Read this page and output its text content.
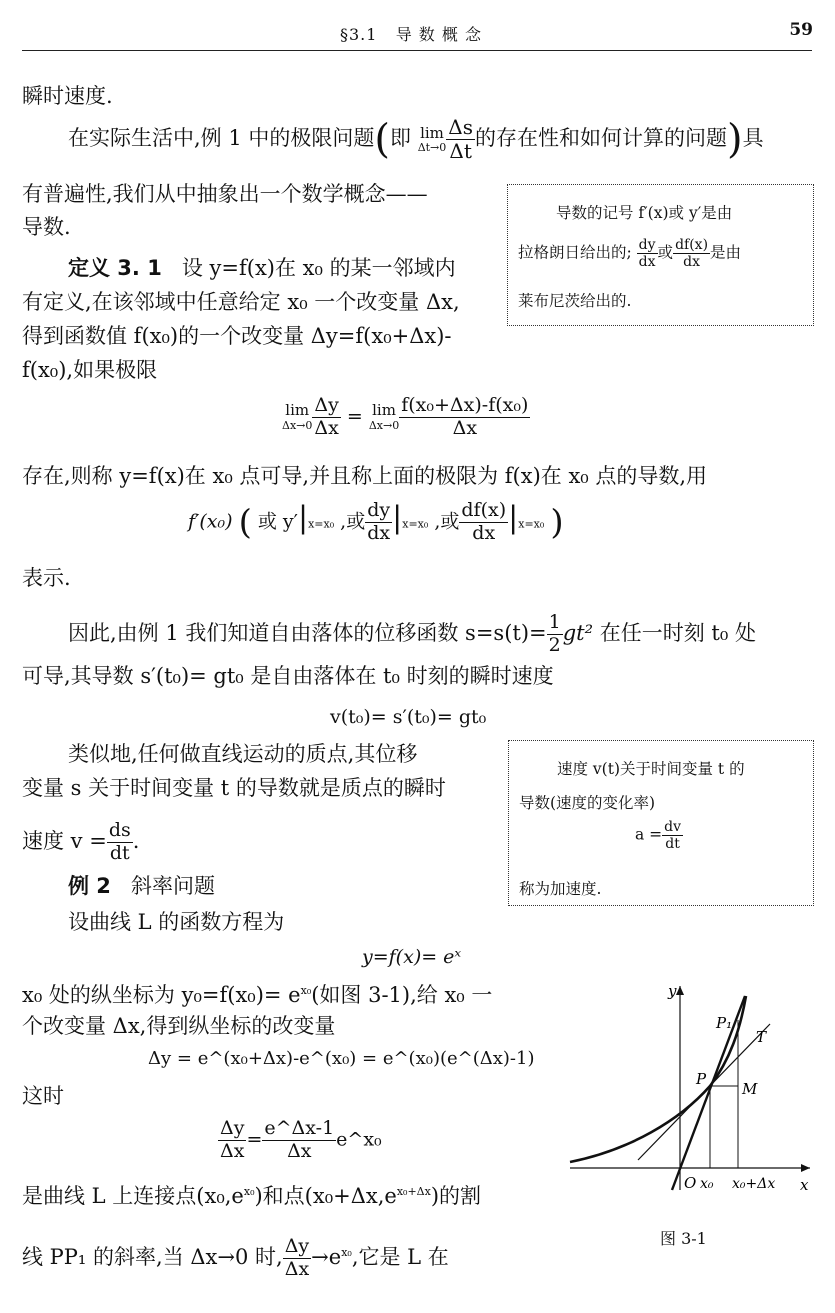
§3.1 导 数 概 念	59
瞬时速度.
在实际生活中,例 1 中的极限问题(即 lim
$\Delta t\to 0 \frac{\Delta s}{\Delta t}$ 的存在性和如何计算的问题)具
有普遍性,我们从中抽象出一个数学概念——
导数.
导数的记号 f′(x)或 y′是由
拉格朗日给出的; $\frac{dy}{dx}$ 或 $\frac{df(x)}{dx}$ 是由
莱布尼茨给出的.
定义 3. 1 设 y=f(x)在 x₀ 的某一邻域内
有定义,在该邻域中任意给定 x₀ 一个改变量 Δx,
得到函数值 f(x₀)的一个改变量 Δy=f(x₀+Δx)-
f(x₀),如果极限
lim
$\Delta x\to 0 \frac{\Delta y}{\Delta x} = \lim$
$\Delta x\to 0 \frac{\text{f(x₀+Δx)-f(x₀)}}{\Delta x}$
存在,则称 y=f(x)在 x₀ 点可导,并且称上面的极限为 f(x)在 x₀ 点的导数,用
f′(x₀) ( 或 y′|x=x₀ ,或 $\frac{dy}{dx} |x=x_0$ ,或 $\frac{df(x)}{dx} |x=x_0$ )
表示.
因此,由例 1 我们知道自由落体的位移函数 $s=s(t)= \frac{1}{2} gt^2$ 在任一时刻 t₀ 处
可导,其导数 s′(t₀)= gt₀ 是自由落体在 t₀ 时刻的瞬时速度
v(t₀)= s′(t₀)= gt₀
类似地,任何做直线运动的质点,其位移
变量 s 关于时间变量 t 的导数就是质点的瞬时
速度 $v = \frac{ds}{dt}$ .
速度 v(t)关于时间变量 t 的
导数(速度的变化率)
$a = \frac{dv}{dt}$
称为加速度.
例 2 斜率问题
设曲线 L 的函数方程为
y=f(x)= eˣ
x₀ 处的纵坐标为 $y_0=f(x_0)= e^{x_0}$(如图 3-1),给 x₀ 一
个改变量 Δx,得到纵坐标的改变量
Δy = e^(x₀+Δx)-e^(x₀) = e^(x₀)(e^(Δx)-1)
这时
$\frac{\Delta y}{\Delta x} = \frac{e\^{}\Delta x-1}{\Delta x}$ e^x₀
是曲线 L 上连接点$(x_0,e^{x_0})$和点$(x_0+\Delta x,e^{x_0+\Delta x})$的割
线 PP₁ 的斜率,当 Δx→0 时, $\frac{\Delta y}{\Delta x} \to e^{x_0}$,它是 L 在
y
x
O x₀ x₀+Δx
P
P₁
M
T
图 3-1
